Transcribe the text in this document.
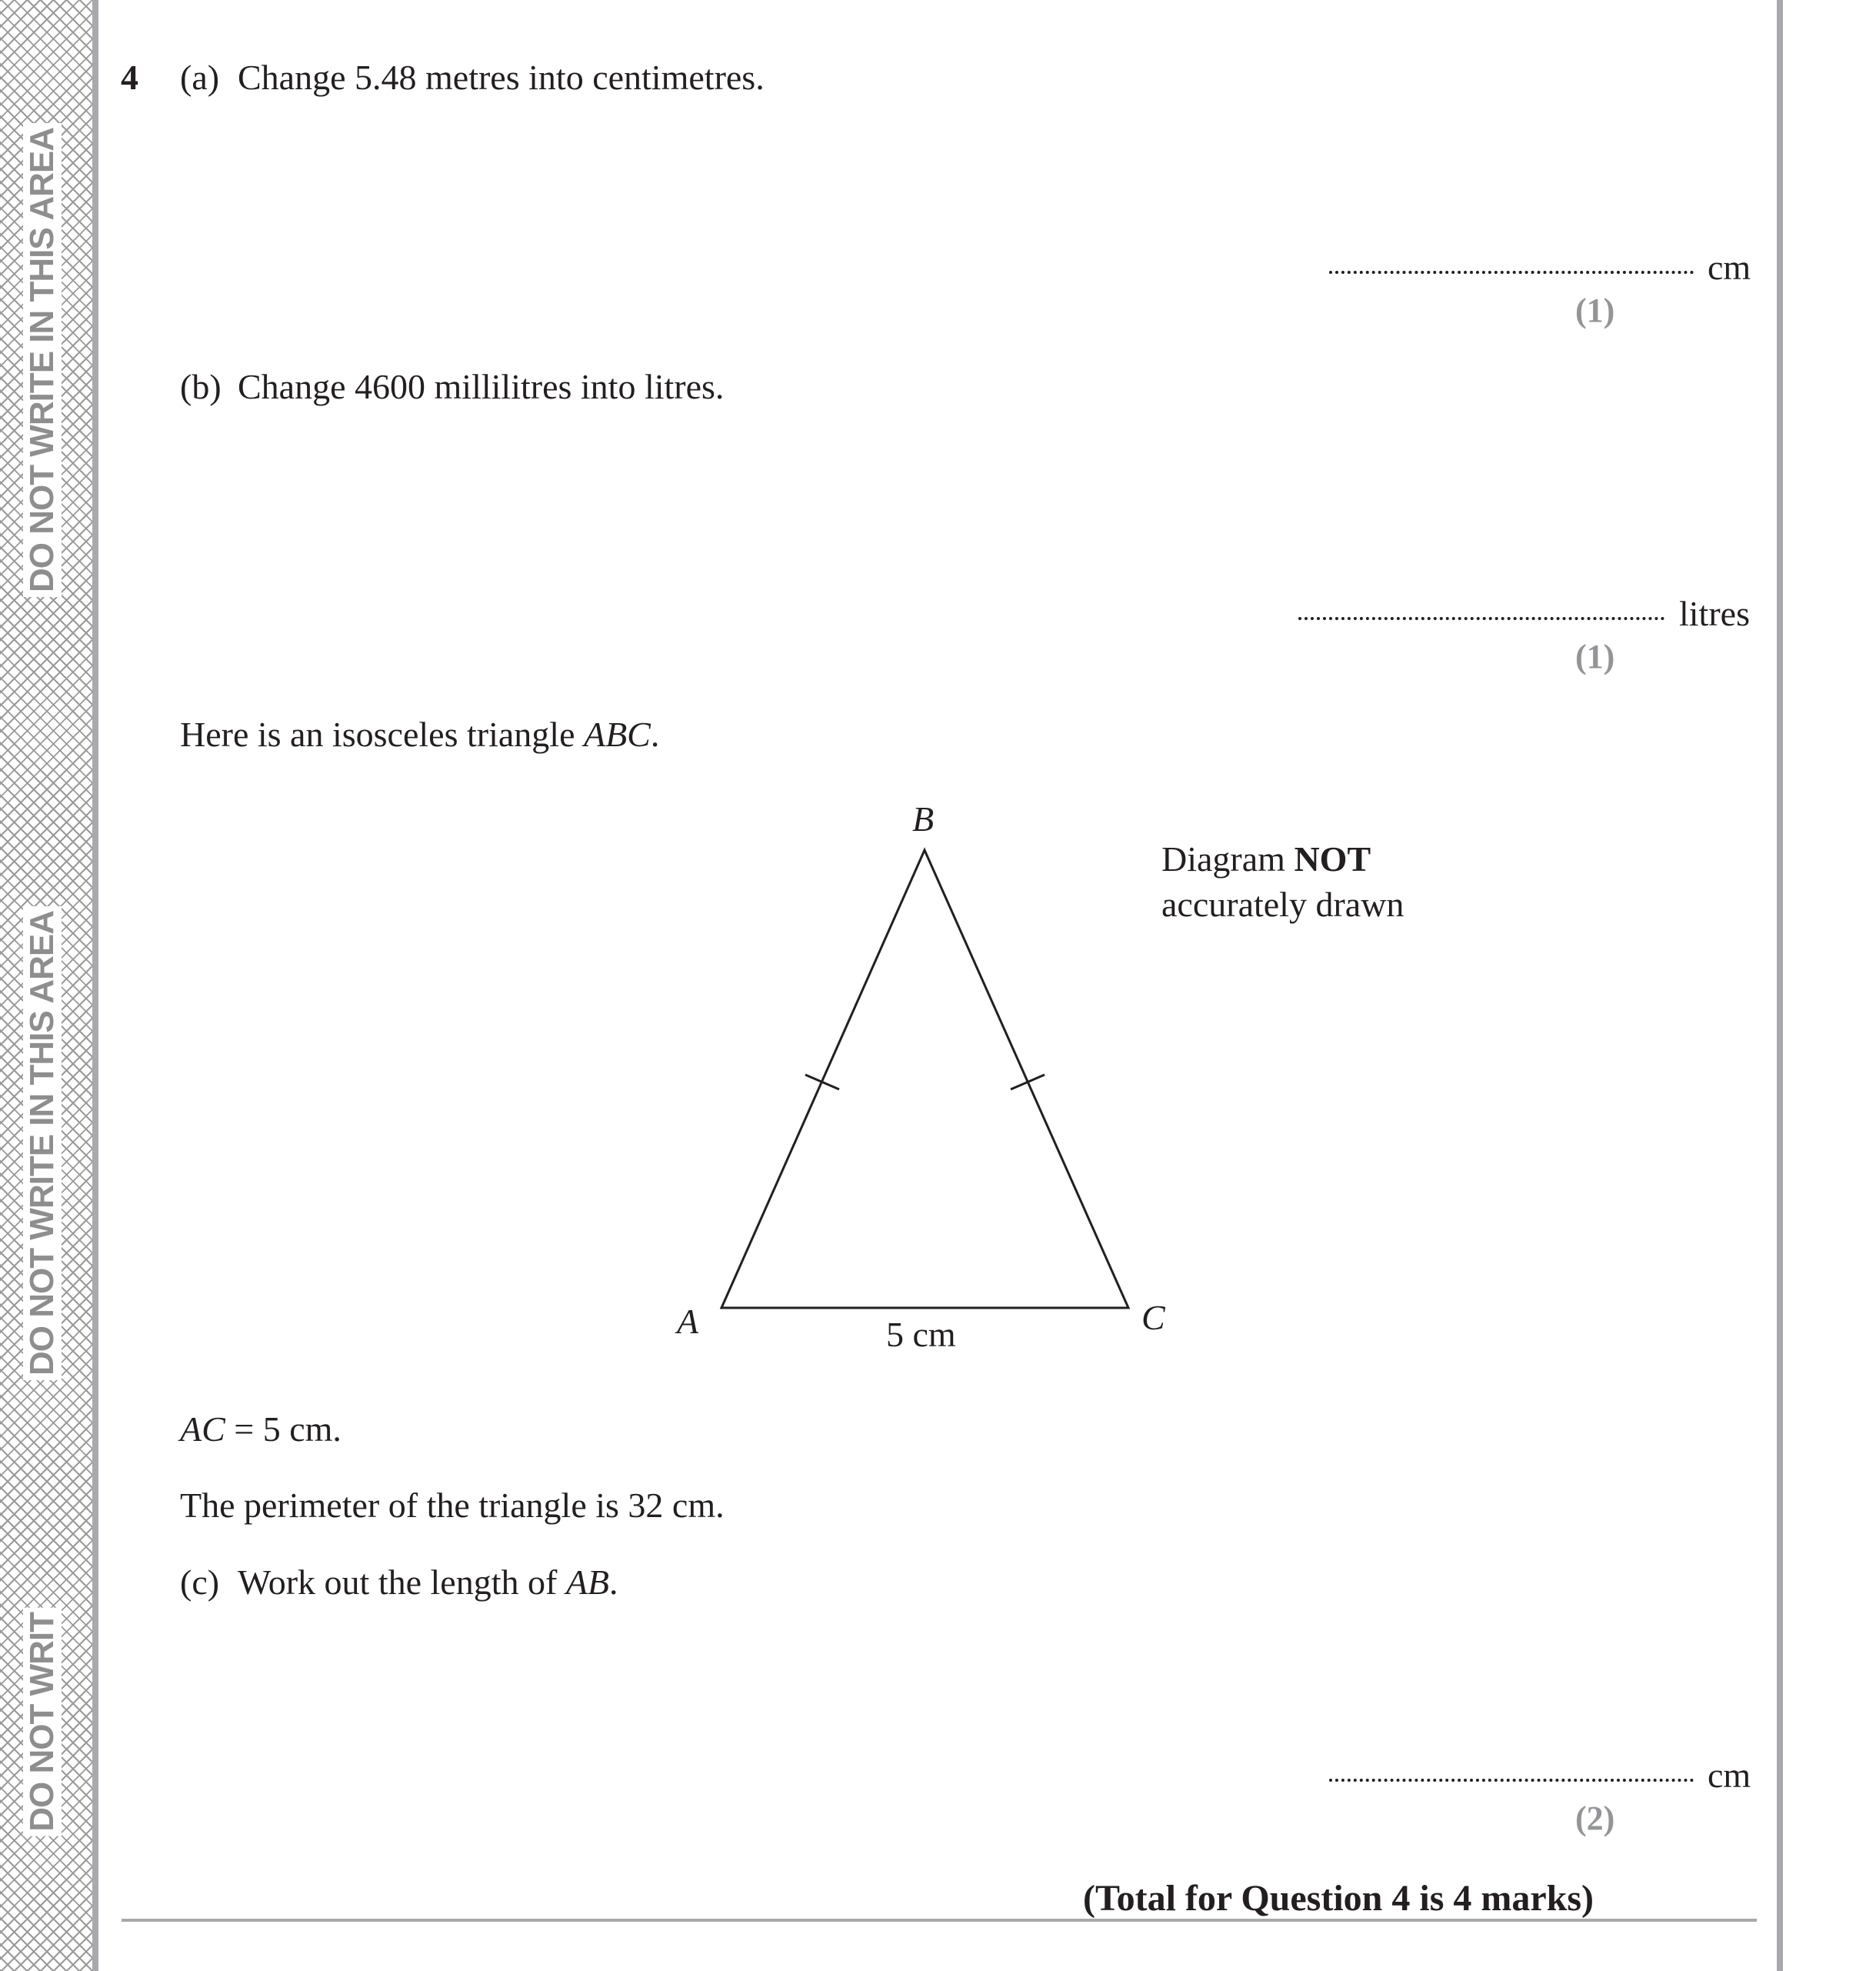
DO NOT WRITE IN THIS AREA
DO NOT WRITE IN THIS AREA
DO NOT WRIT
4 (a) Change 5.48 metres into centimetres.
cm
(1)
(b) Change 4600 millilitres into litres.
litres
(1)
Here is an isosceles triangle ABC.
B
A	C
5 cm
Diagram NOT
accurately drawn
AC = 5 cm.
The perimeter of the triangle is 32 cm.
(c) Work out the length of AB.
cm
(2)
(Total for Question 4 is 4 marks)
